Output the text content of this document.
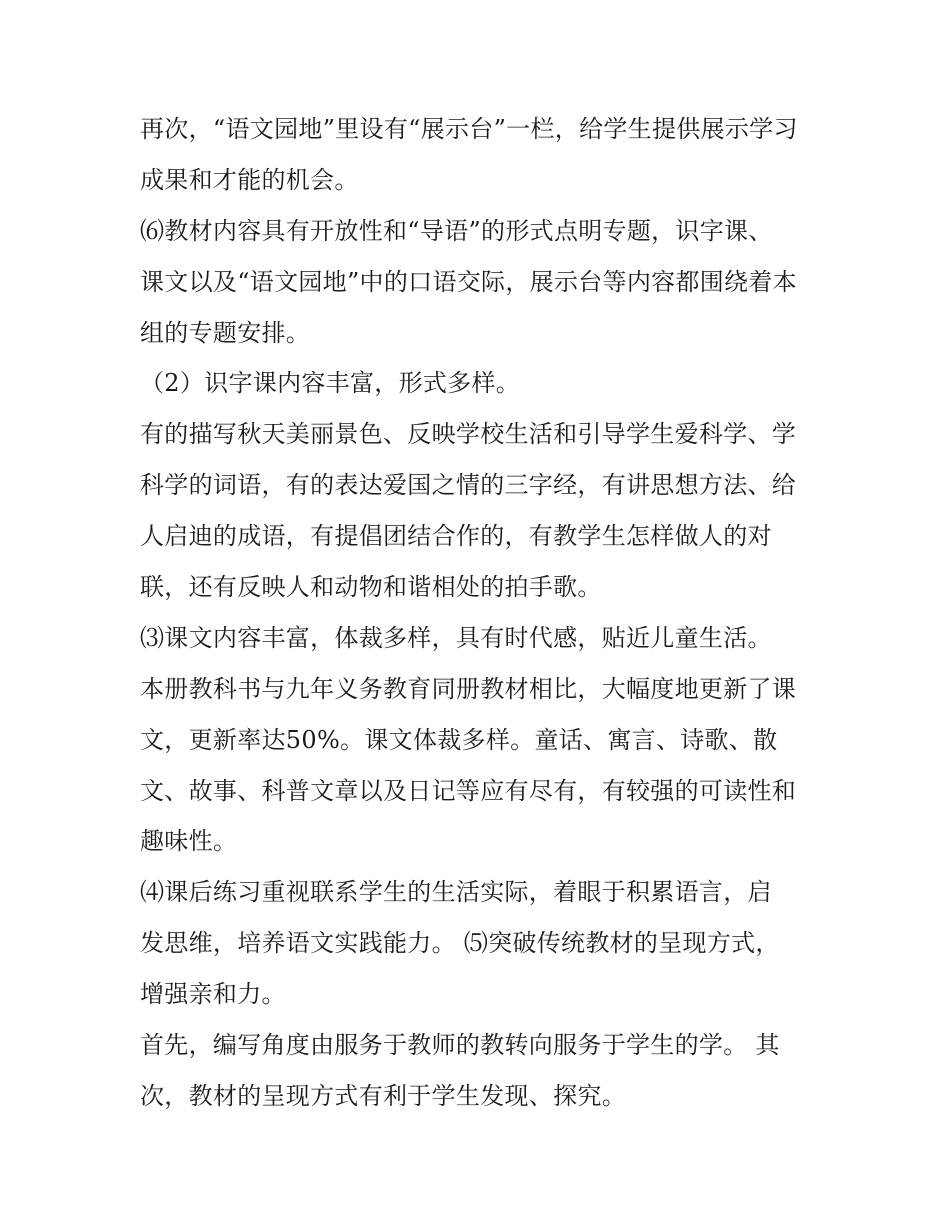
再次，“语文园地”里设有“展示台”一栏，给学生提供展示学习
成果和才能的机会。
⑹教材内容具有开放性和“导语”的形式点明专题，识字课、
课文以及“语文园地”中的口语交际，展示台等内容都围绕着本
组的专题安排。
（2）识字课内容丰富，形式多样。
有的描写秋天美丽景色、反映学校生活和引导学生爱科学、学
科学的词语，有的表达爱国之情的三字经，有讲思想方法、给
人启迪的成语，有提倡团结合作的，有教学生怎样做人的对
联，还有反映人和动物和谐相处的拍手歌。
⑶课文内容丰富，体裁多样，具有时代感，贴近儿童生活。
本册教科书与九年义务教育同册教材相比，大幅度地更新了课
文，更新率达50%。课文体裁多样。童话、寓言、诗歌、散
文、故事、科普文章以及日记等应有尽有，有较强的可读性和
趣味性。
⑷课后练习重视联系学生的生活实际，着眼于积累语言，启
发思维，培养语文实践能力。 ⑸突破传统教材的呈现方式，
增强亲和力。
首先，编写角度由服务于教师的教转向服务于学生的学。 其
次，教材的呈现方式有利于学生发现、探究。
